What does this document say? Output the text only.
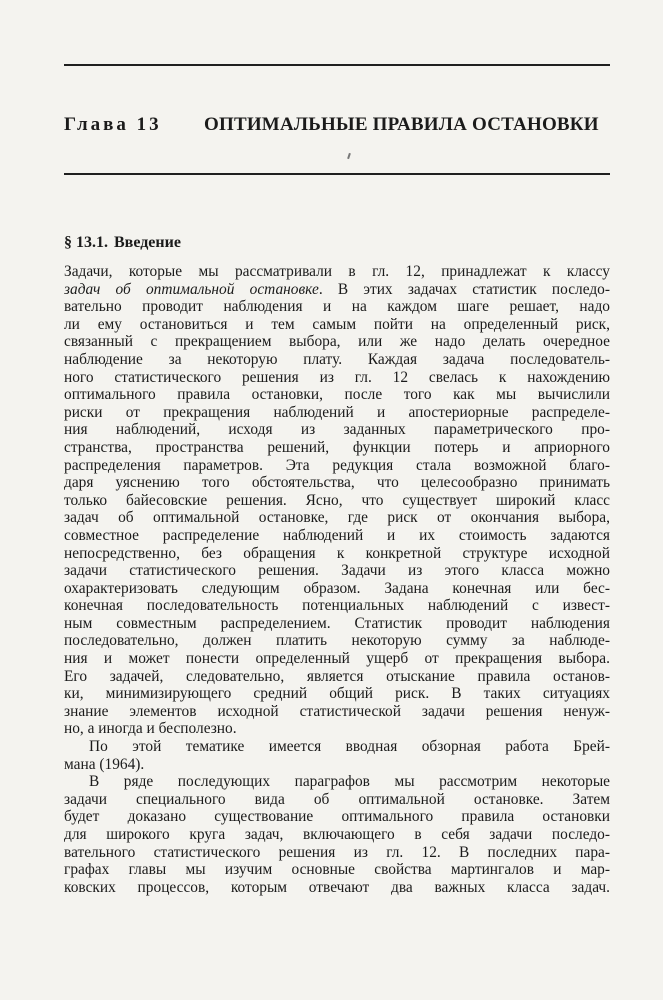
Глава 13 ОПТИМАЛЬНЫЕ ПРАВИЛА ОСТАНОВКИ
§ 13.1. Введение
Задачи, которые мы рассматривали в гл. 12, принадлежат к классу
задач об оптимальной остановке. В этих задачах статистик последо-
вательно проводит наблюдения и на каждом шаге решает, надо
ли ему остановиться и тем самым пойти на определенный риск,
связанный с прекращением выбора, или же надо делать очередное
наблюдение за некоторую плату. Каждая задача последователь-
ного статистического решения из гл. 12 свелась к нахождению
оптимального правила остановки, после того как мы вычислили
риски от прекращения наблюдений и апостериорные распределе-
ния наблюдений, исходя из заданных параметрического про-
странства, пространства решений, функции потерь и априорного
распределения параметров. Эта редукция стала возможной благо-
даря уяснению того обстоятельства, что целесообразно принимать
только байесовские решения. Ясно, что существует широкий класс
задач об оптимальной остановке, где риск от окончания выбора,
совместное распределение наблюдений и их стоимость задаются
непосредственно, без обращения к конкретной структуре исходной
задачи статистического решения. Задачи из этого класса можно
охарактеризовать следующим образом. Задана конечная или бес-
конечная последовательность потенциальных наблюдений с извест-
ным совместным распределением. Статистик проводит наблюдения
последовательно, должен платить некоторую сумму за наблюде-
ния и может понести определенный ущерб от прекращения выбора.
Его задачей, следовательно, является отыскание правила останов-
ки, минимизирующего средний общий риск. В таких ситуациях
знание элементов исходной статистической задачи решения ненуж-
но, а иногда и бесполезно.
По этой тематике имеется вводная обзорная работа Брей-
мана (1964).
В ряде последующих параграфов мы рассмотрим некоторые
задачи специального вида об оптимальной остановке. Затем
будет доказано существование оптимального правила остановки
для широкого круга задач, включающего в себя задачи последо-
вательного статистического решения из гл. 12. В последних пара-
графах главы мы изучим основные свойства мартингалов и мар-
ковских процессов, которым отвечают два важных класса задач.
